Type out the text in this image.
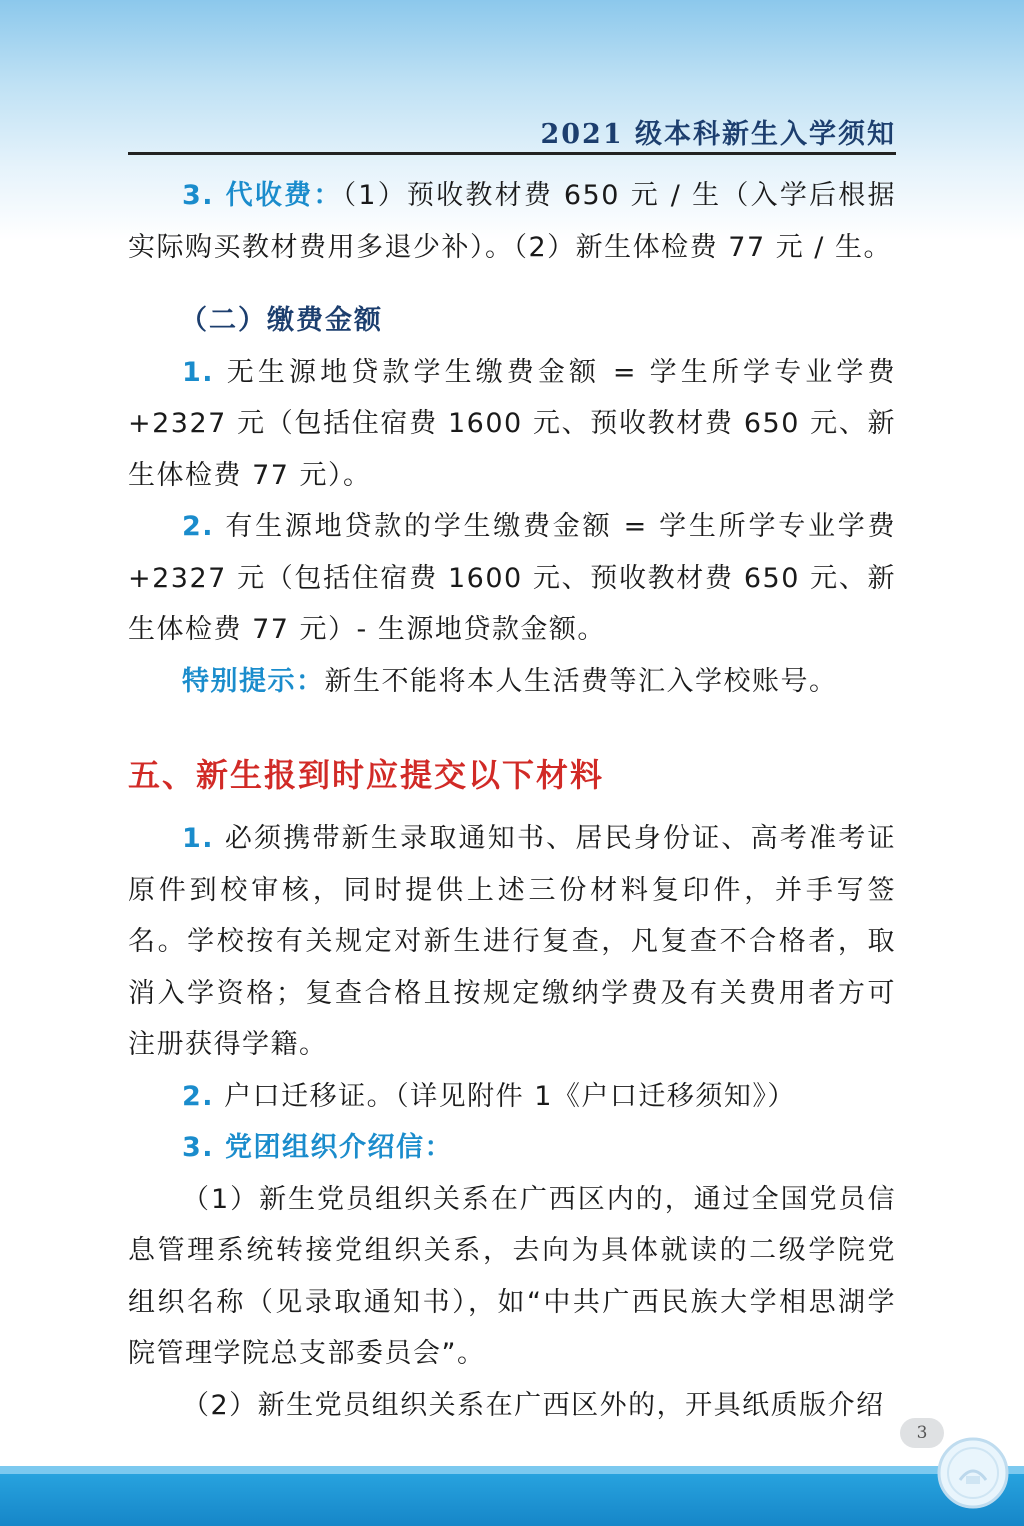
2021 级本科新生入学须知

3. 代收费：（1）预收教材费 650 元 / 生（入学后根据实际购买教材费用多退少补）。（2）新生体检费 77 元 / 生。

（二）缴费金额

1. 无生源地贷款学生缴费金额 = 学生所学专业学费 +2327 元（包括住宿费 1600 元、预收教材费 650 元、新生体检费 77 元）。

2. 有生源地贷款的学生缴费金额 = 学生所学专业学费 +2327 元（包括住宿费 1600 元、预收教材费 650 元、新生体检费 77 元）- 生源地贷款金额。

特别提示：新生不能将本人生活费等汇入学校账号。

五、新生报到时应提交以下材料

1. 必须携带新生录取通知书、居民身份证、高考准考证原件到校审核，同时提供上述三份材料复印件，并手写签名。学校按有关规定对新生进行复查，凡复查不合格者，取消入学资格；复查合格且按规定缴纳学费及有关费用者方可注册获得学籍。

2. 户口迁移证。（详见附件 1《户口迁移须知》）

3. 党团组织介绍信：

（1）新生党员组织关系在广西区内的，通过全国党员信息管理系统转接党组织关系，去向为具体就读的二级学院党组织名称（见录取通知书），如“中共广西民族大学相思湖学院管理学院总支部委员会”。

（2）新生党员组织关系在广西区外的，开具纸质版介绍

3
